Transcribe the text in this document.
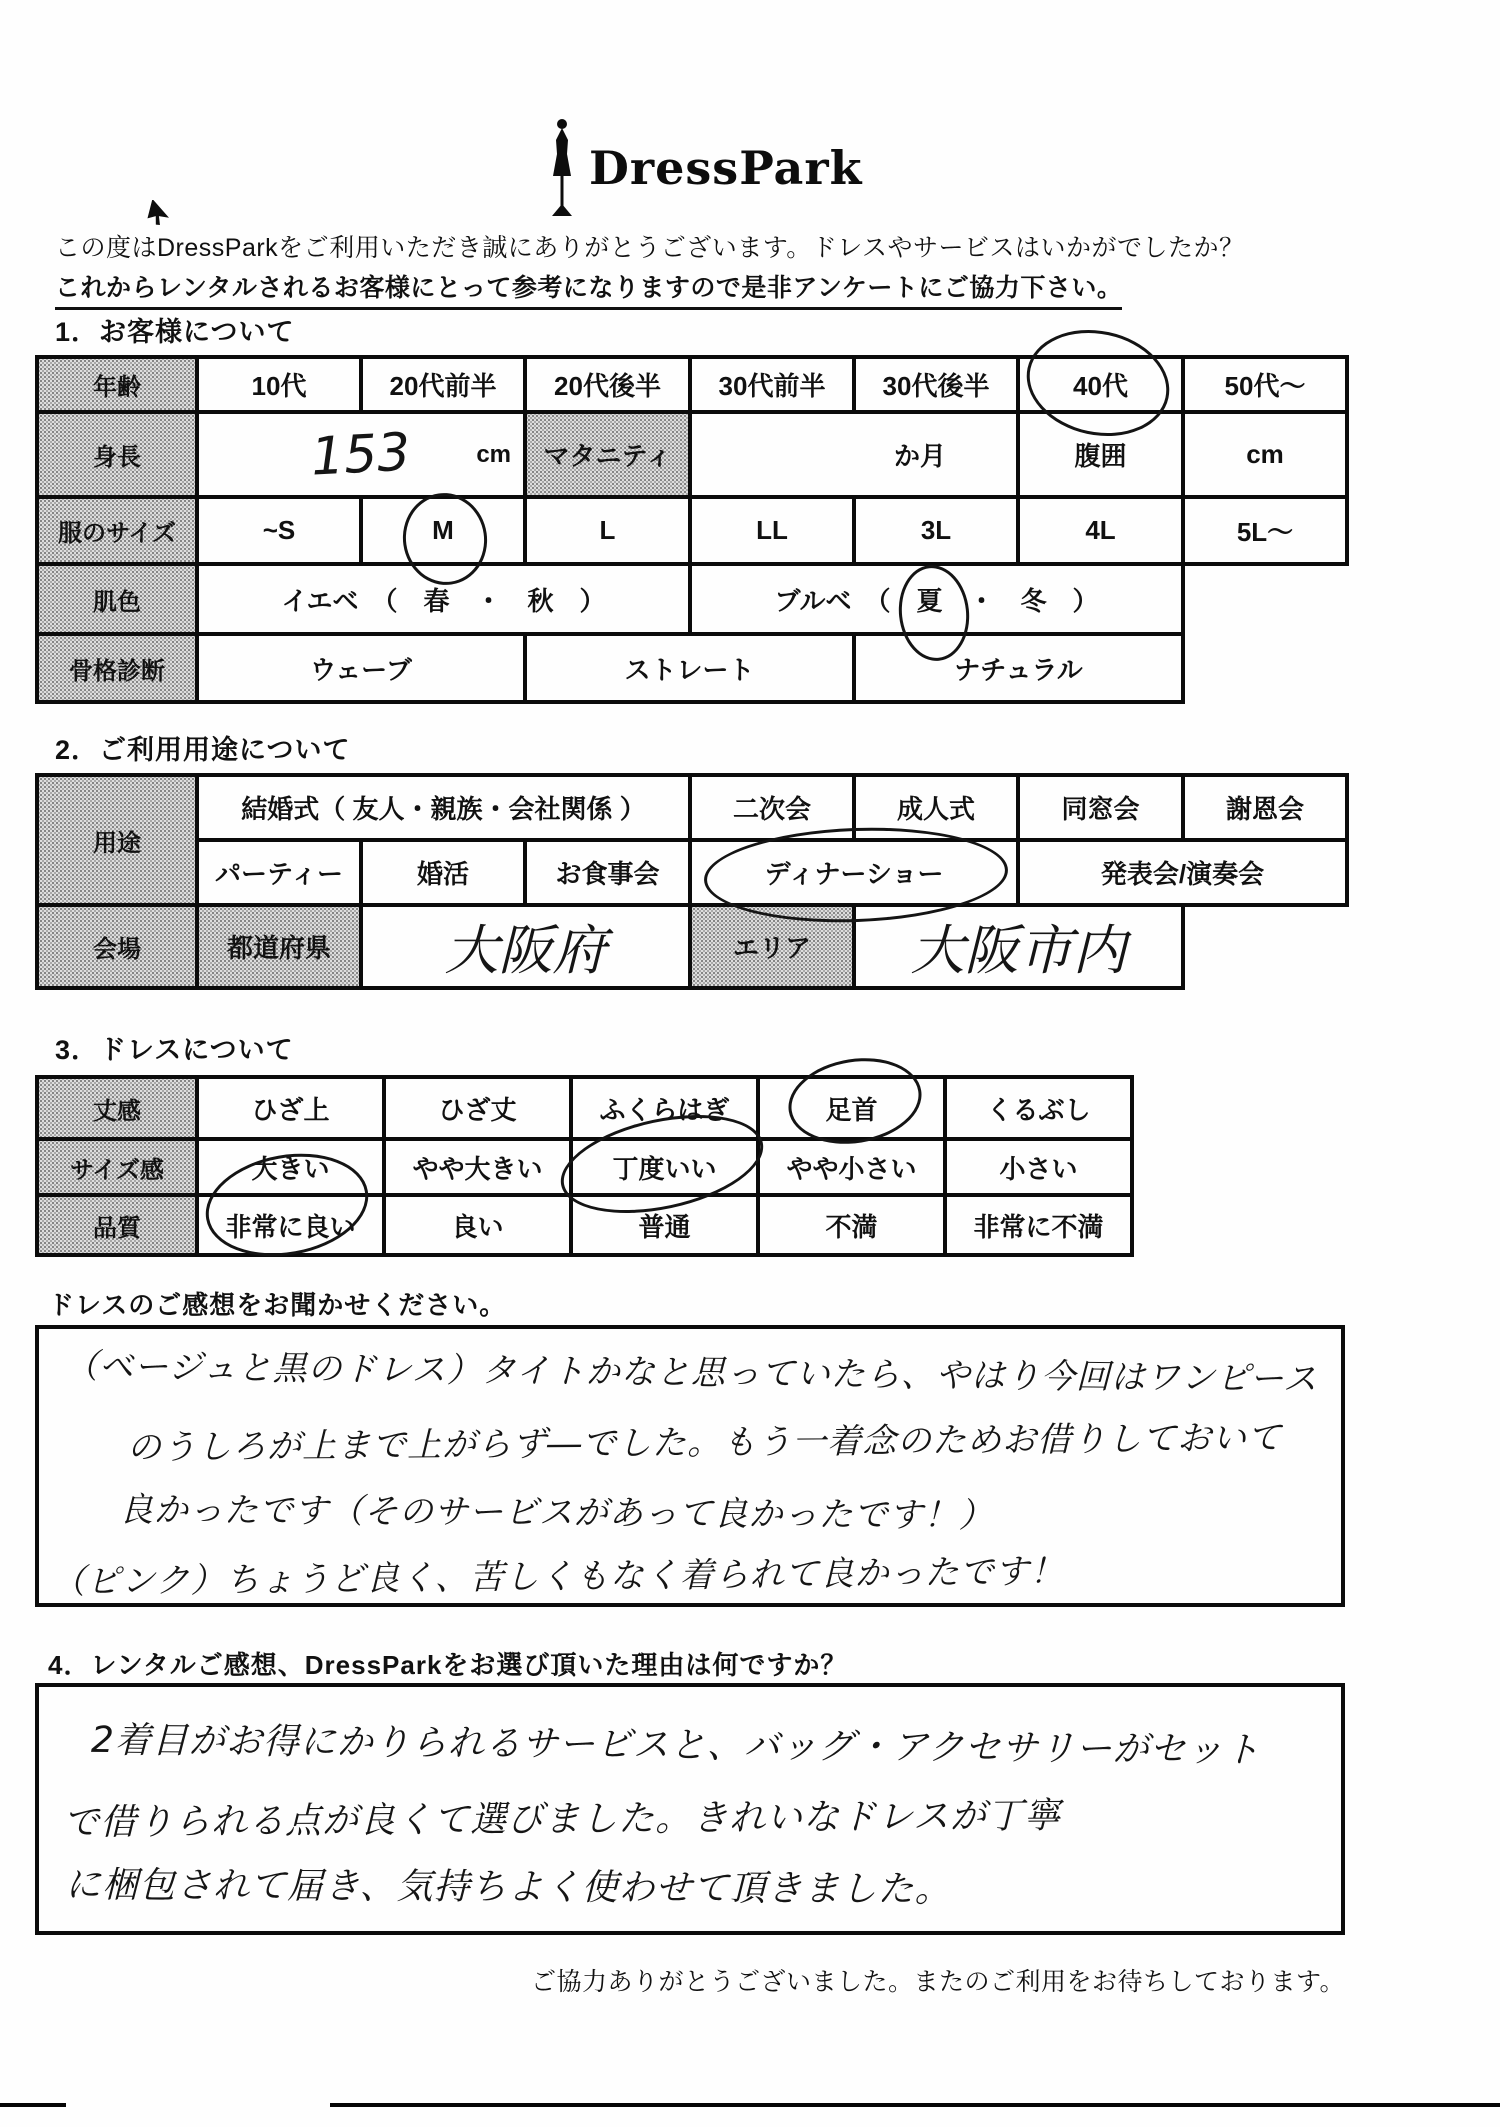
DressPark
この度はDressParkをご利用いただき誠にありがとうございます。ドレスやサービスはいかがでしたか？
これからレンタルされるお客様にとって参考になりますので是非アンケートにご協力下さい。
1．お客様について
年齢	10代	20代前半	20代後半	30代前半	30代後半	40代	50代～
身長	153 cm		マタニティ	か月		腹囲	cm
服のサイズ	~S	M	L	LL	3L	4L	5L～
肌色	イエベ　（　春　・　秋　）			ブルベ　（ 夏 ・ 冬 ）			
骨格診断	ウェーブ		ストレート		ナチュラル		
2．ご利用用途について
用途	結婚式（ 友人・親族・会社関係 ）			二次会	成人式	同窓会	謝恩会
	パーティー	婚活	お食事会	ディナーショー		発表会/演奏会	
会場	都道府県	大阪府		エリア	大阪市内		
3．ドレスについて
丈感	ひざ上	ひざ丈	ふくらはぎ	足首	くるぶし
サイズ感	大きい	やや大きい	丁度いい	やや小さい	小さい
品質	非常に良い	良い	普通	不満	非常に不満
ドレスのご感想をお聞かせください。
（ベージュと黒のドレス）タイトかなと思っていたら、やはり今回はワンピース
のうしろが上まで上がらず―でした。もう一着念のためお借りしておいて
良かったです（そのサービスがあって良かったです！）
（ピンク）ちょうど良く、苦しくもなく着られて良かったです！
4．レンタルご感想、DressParkをお選び頂いた理由は何ですか？
2着目がお得にかりられるサービスと、バッグ・アクセサリーがセット
で借りられる点が良くて選びました。きれいなドレスが丁寧
に梱包されて届き、気持ちよく使わせて頂きました。
ご協力ありがとうございました。またのご利用をお待ちしております。
